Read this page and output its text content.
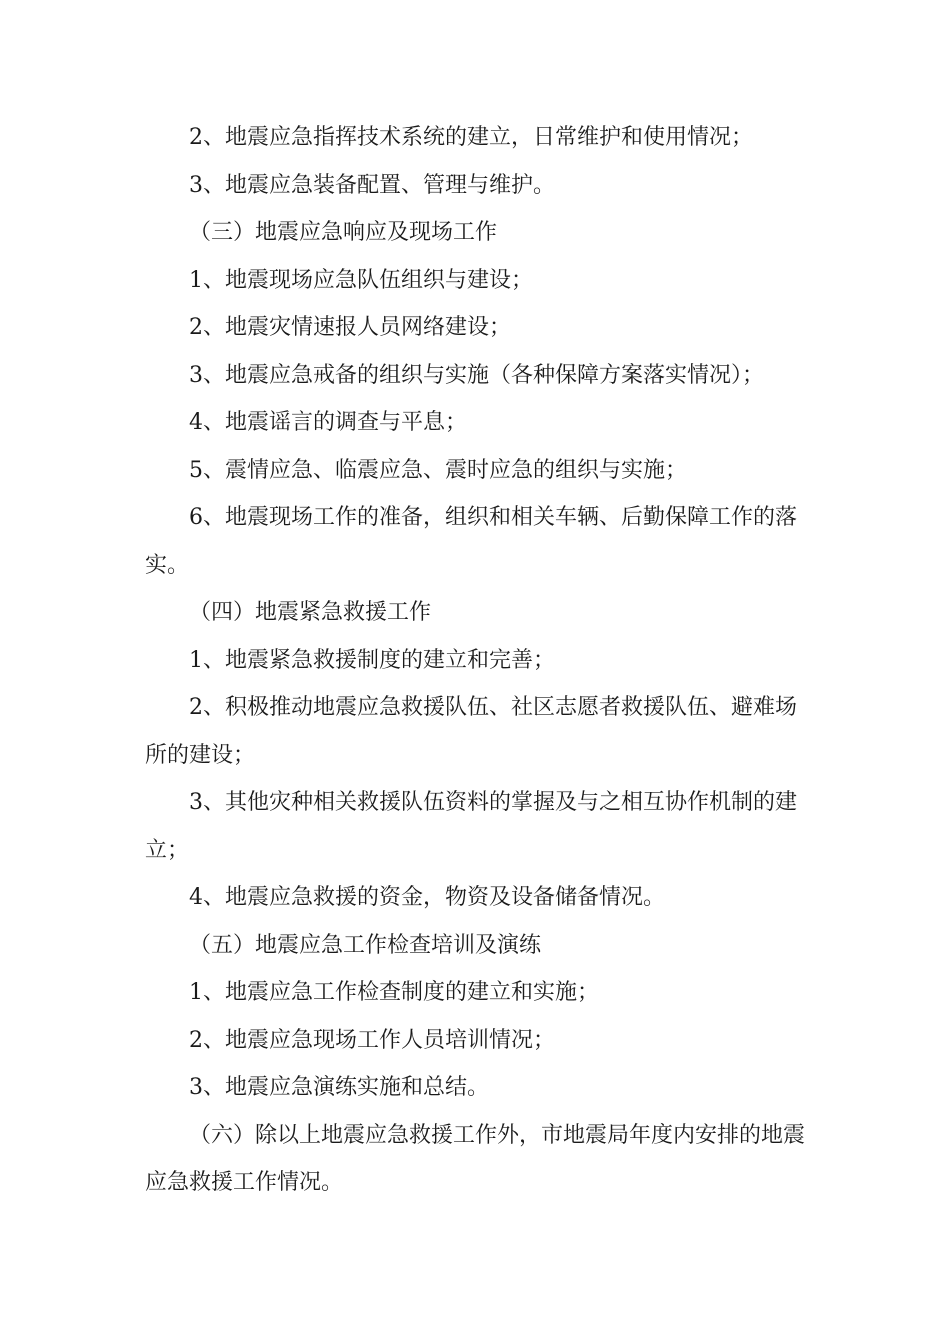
2、地震应急指挥技术系统的建立，日常维护和使用情况；

3、地震应急装备配置、管理与维护。

（三）地震应急响应及现场工作

1、地震现场应急队伍组织与建设；

2、地震灾情速报人员网络建设；

3、地震应急戒备的组织与实施（各种保障方案落实情况）；

4、地震谣言的调查与平息；

5、震情应急、临震应急、震时应急的组织与实施；

6、地震现场工作的准备，组织和相关车辆、后勤保障工作的落实。

（四）地震紧急救援工作

1、地震紧急救援制度的建立和完善；

2、积极推动地震应急救援队伍、社区志愿者救援队伍、避难场所的建设；

3、其他灾种相关救援队伍资料的掌握及与之相互协作机制的建立；

4、地震应急救援的资金，物资及设备储备情况。

（五）地震应急工作检查培训及演练

1、地震应急工作检查制度的建立和实施；

2、地震应急现场工作人员培训情况；

3、地震应急演练实施和总结。

（六）除以上地震应急救援工作外，市地震局年度内安排的地震应急救援工作情况。
